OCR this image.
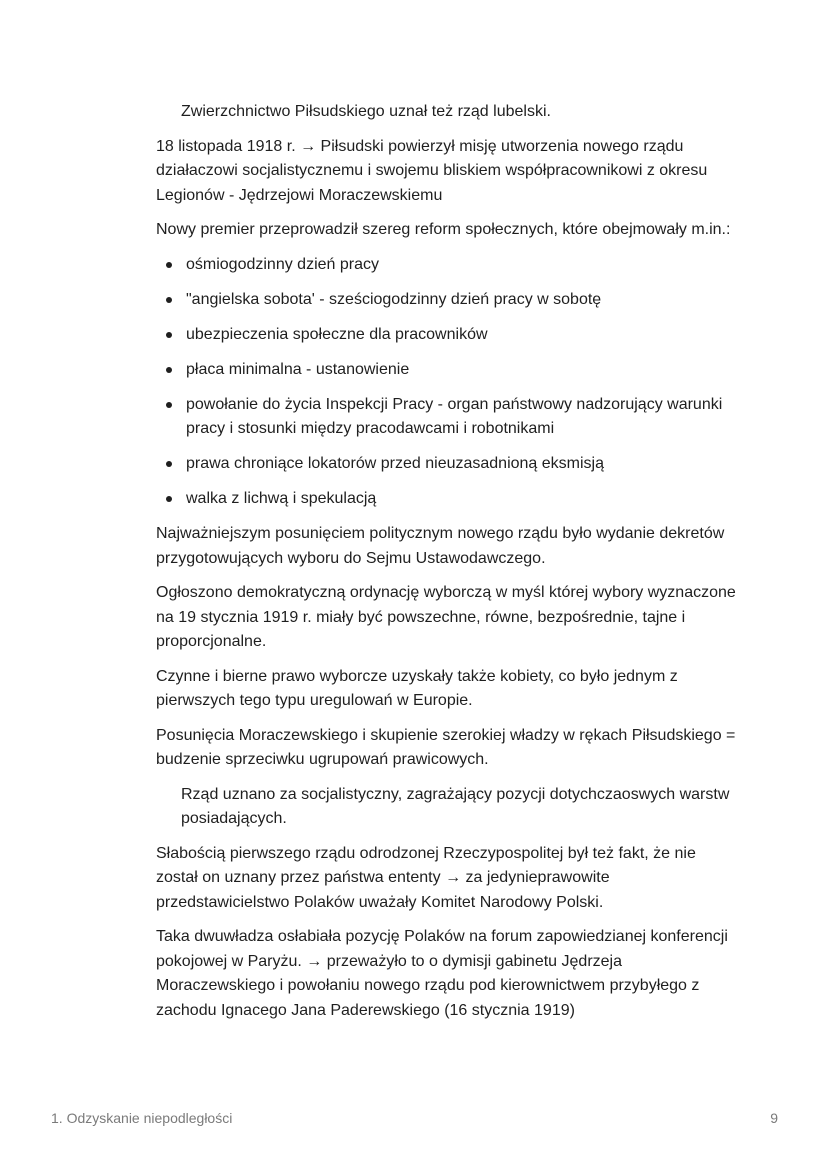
Zwierzchnictwo Piłsudskiego uznał też rząd lubelski.

18 listopada 1918 r. → Piłsudski powierzył misję utworzenia nowego rządu działaczowi socjalistycznemu i swojemu bliskiem współpracownikowi z okresu Legionów - Jędrzejowi Moraczewskiemu

Nowy premier przeprowadził szereg reform społecznych, które obejmowały m.in.:

ośmiogodzinny dzień pracy
"angielska sobota' - sześciogodzinny dzień pracy w sobotę
ubezpieczenia społeczne dla pracowników
płaca minimalna - ustanowienie
powołanie do życia Inspekcji Pracy - organ państwowy nadzorujący warunki pracy i stosunki między pracodawcami i robotnikami
prawa chroniące lokatorów przed nieuzasadnioną eksmisją
walka z lichwą i spekulacją

Najważniejszym posunięciem politycznym nowego rządu było wydanie dekretów przygotowujących wyboru do Sejmu Ustawodawczego.

Ogłoszono demokratyczną ordynację wyborczą w myśl której wybory wyznaczone na 19 stycznia 1919 r. miały być powszechne, równe, bezpośrednie, tajne i proporcjonalne.

Czynne i bierne prawo wyborcze uzyskały także kobiety, co było jednym z pierwszych tego typu uregulowań w Europie.

Posunięcia Moraczewskiego i skupienie szerokiej władzy w rękach Piłsudskiego = budzenie sprzeciwku ugrupowań prawicowych.

Rząd uznano za socjalistyczny, zagrażający pozycji dotychczaoswych warstw posiadających.

Słabością pierwszego rządu odrodzonej Rzeczypospolitej był też fakt, że nie został on uznany przez państwa ententy → za jedynieprawowite przedstawicielstwo Polaków uważały Komitet Narodowy Polski.

Taka dwuwładza osłabiała pozycję Polaków na forum zapowiedzianej konferencji pokojowej w Paryżu. → przeważyło to o dymisji gabinetu Jędrzeja Moraczewskiego i powołaniu nowego rządu pod kierownictwem przybyłego z zachodu Ignacego Jana Paderewskiego (16 stycznia 1919)

1. Odzyskanie niepodległości	9
